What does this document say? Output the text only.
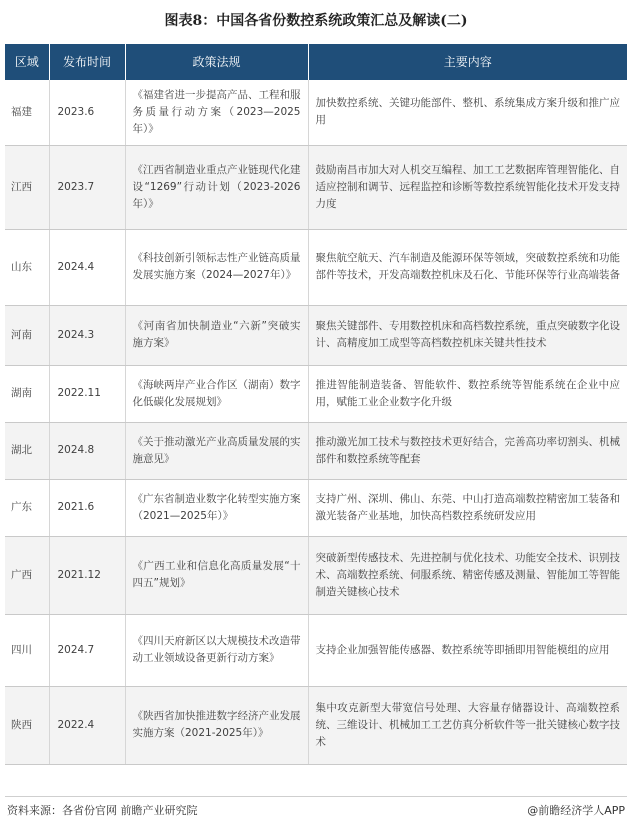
图表8：中国各省份数控系统政策汇总及解读(二)
区域	发布时间	政策法规	主要内容
福建	2023.6	《福建省进一步提高产品、工程和服务质量行动方案（2023—2025年）》	加快数控系统、关键功能部件、整机、系统集成方案升级和推广应用
江西	2023.7	《江西省制造业重点产业链现代化建设“1269”行动计划（2023-2026年）》	鼓励南昌市加大对人机交互编程、加工工艺数据库管理智能化、自适应控制和调节、远程监控和诊断等数控系统智能化技术开发支持力度
山东	2024.4	《科技创新引领标志性产业链高质量发展实施方案（2024—2027年）》	聚焦航空航天、汽车制造及能源环保等领域，突破数控系统和功能部件等技术，开发高端数控机床及石化、节能环保等行业高端装备
河南	2024.3	《河南省加快制造业“六新”突破实施方案》	聚焦关键部件、专用数控机床和高档数控系统，重点突破数字化设计、高精度加工成型等高档数控机床关键共性技术
湖南	2022.11	《海峡两岸产业合作区（湖南）数字化低碳化发展规划》	推进智能制造装备、智能软件、数控系统等智能系统在企业中应用，赋能工业企业数字化升级
湖北	2024.8	《关于推动激光产业高质量发展的实施意见》	推动激光加工技术与数控技术更好结合，完善高功率切割头、机械部件和数控系统等配套
广东	2021.6	《广东省制造业数字化转型实施方案（2021—2025年）》	支持广州、深圳、佛山、东莞、中山打造高端数控精密加工装备和激光装备产业基地，加快高档数控系统研发应用
广西	2021.12	《广西工业和信息化高质量发展“十四五”规划》	突破新型传感技术、先进控制与优化技术、功能安全技术、识别技术、高端数控系统、伺服系统、精密传感及测量、智能加工等智能制造关键核心技术
四川	2024.7	《四川天府新区以大规模技术改造带动工业领域设备更新行动方案》	支持企业加强智能传感器、数控系统等即插即用智能模组的应用
陕西	2022.4	《陕西省加快推进数字经济产业发展实施方案（2021-2025年）》	集中攻克新型大带宽信号处理、大容量存储器设计、高端数控系统、三维设计、机械加工工艺仿真分析软件等一批关键核心数字技术
资料来源：各省份官网 前瞻产业研究院	@前瞻经济学人APP
